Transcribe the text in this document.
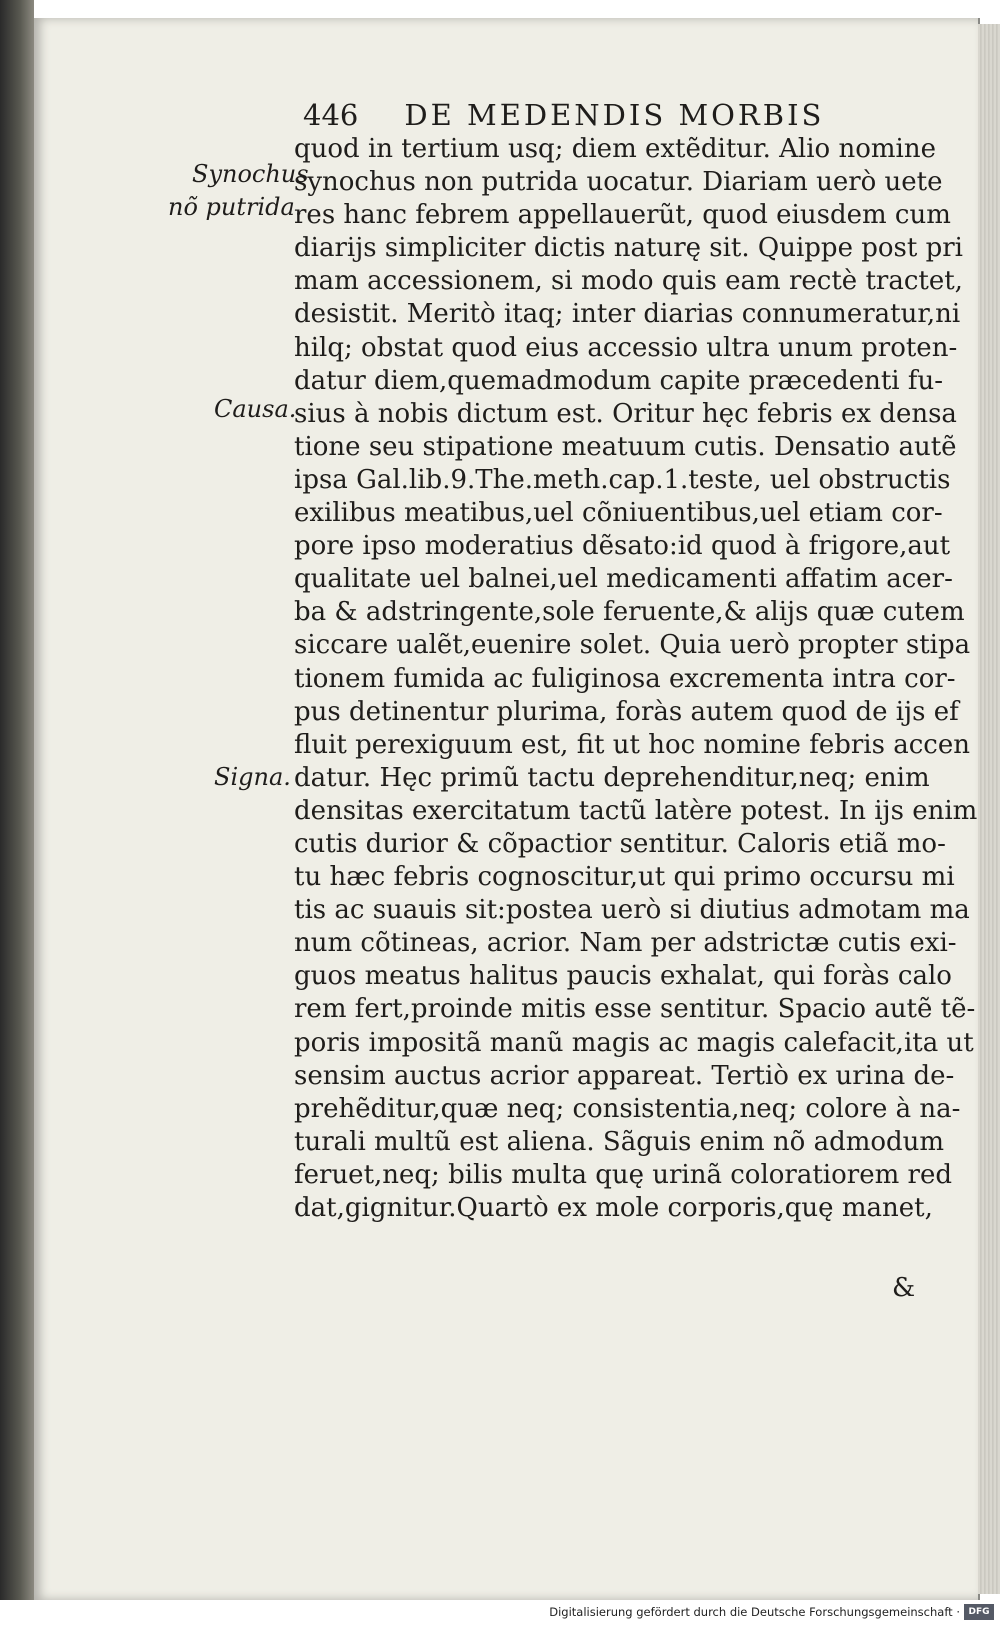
446 DE MEDENDIS MORBIS
Synochus
nõ putrida.
Causa.
Signa.
quod in tertium usq; diem extẽditur. Alio nomine
synochus non putrida uocatur. Diariam uerò uete
res hanc febrem appellauerũt, quod eiusdem cum
diarijs simpliciter dictis naturę sit. Quippe post pri
mam accessionem, si modo quis eam rectè tractet,
desistit. Meritò itaq; inter diarias connumeratur,ni
hilq; obstat quod eius accessio ultra unum proten-
datur diem,quemadmodum capite præcedenti fu-
sius à nobis dictum est. Oritur hęc febris ex densa
tione seu stipatione meatuum cutis. Densatio autẽ
ipsa Gal.lib.9.The.meth.cap.1.teste, uel obstructis
exilibus meatibus,uel cõniuentibus,uel etiam cor-
pore ipso moderatius dẽsato:id quod à frigore,aut
qualitate uel balnei,uel medicamenti affatim acer-
ba & adstringente,sole feruente,& alijs quæ cutem
siccare ualẽt,euenire solet. Quia uerò propter stipa
tionem fumida ac fuliginosa excrementa intra cor-
pus detinentur plurima, foràs autem quod de ijs ef
fluit perexiguum est, fit ut hoc nomine febris accen
datur. Hęc primũ tactu deprehenditur,neq; enim
densitas exercitatum tactũ latère potest. In ijs enim
cutis durior & cõpactior sentitur. Caloris etiã mo-
tu hæc febris cognoscitur,ut qui primo occursu mi
tis ac suauis sit:postea uerò si diutius admotam ma
num cõtineas, acrior. Nam per adstrictæ cutis exi-
guos meatus halitus paucis exhalat, qui foràs calo
rem fert,proinde mitis esse sentitur. Spacio autẽ tẽ-
poris impositã manũ magis ac magis calefacit,ita ut
sensim auctus acrior appareat. Tertiò ex urina de-
prehẽditur,quæ neq; consistentia,neq; colore à na-
turali multũ est aliena. Sãguis enim nõ admodum
feruet,neq; bilis multa quę urinã coloratiorem red
dat,gignitur.Quartò ex mole corporis,quę manet,
&
Digitalisierung gefördert durch die Deutsche Forschungsgemeinschaft · DFG
